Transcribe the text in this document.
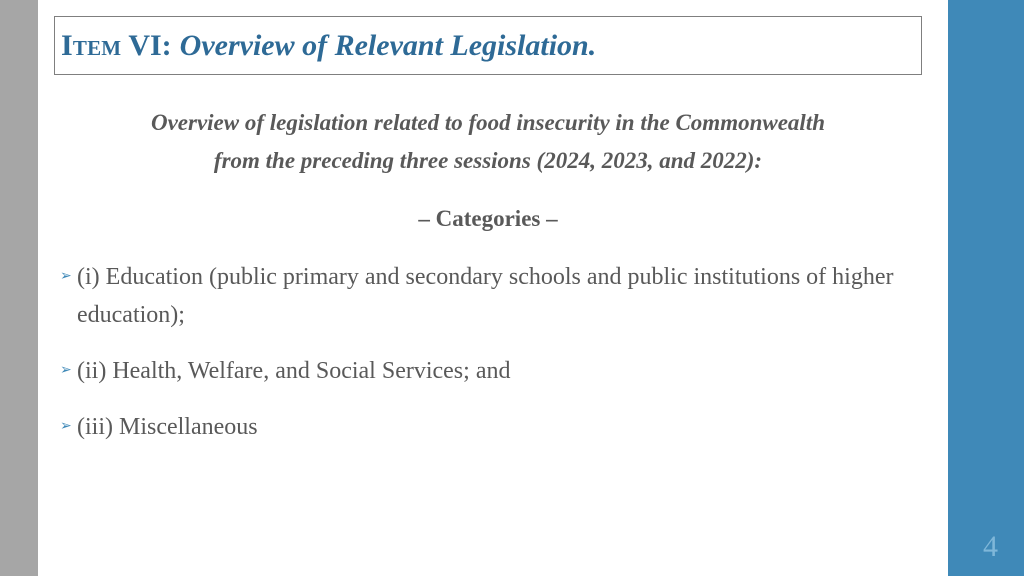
4
Item VI : Overview of Relevant Legislation.
Overview of legislation related to food insecurity in the Commonwealth
from the preceding three sessions (2024, 2023, and 2022):
– Categories –
➢ (i) Education (public primary and secondary schools and public institutions of higher education);
➢ (ii) Health, Welfare, and Social Services; and
➢ (iii) Miscellaneous
